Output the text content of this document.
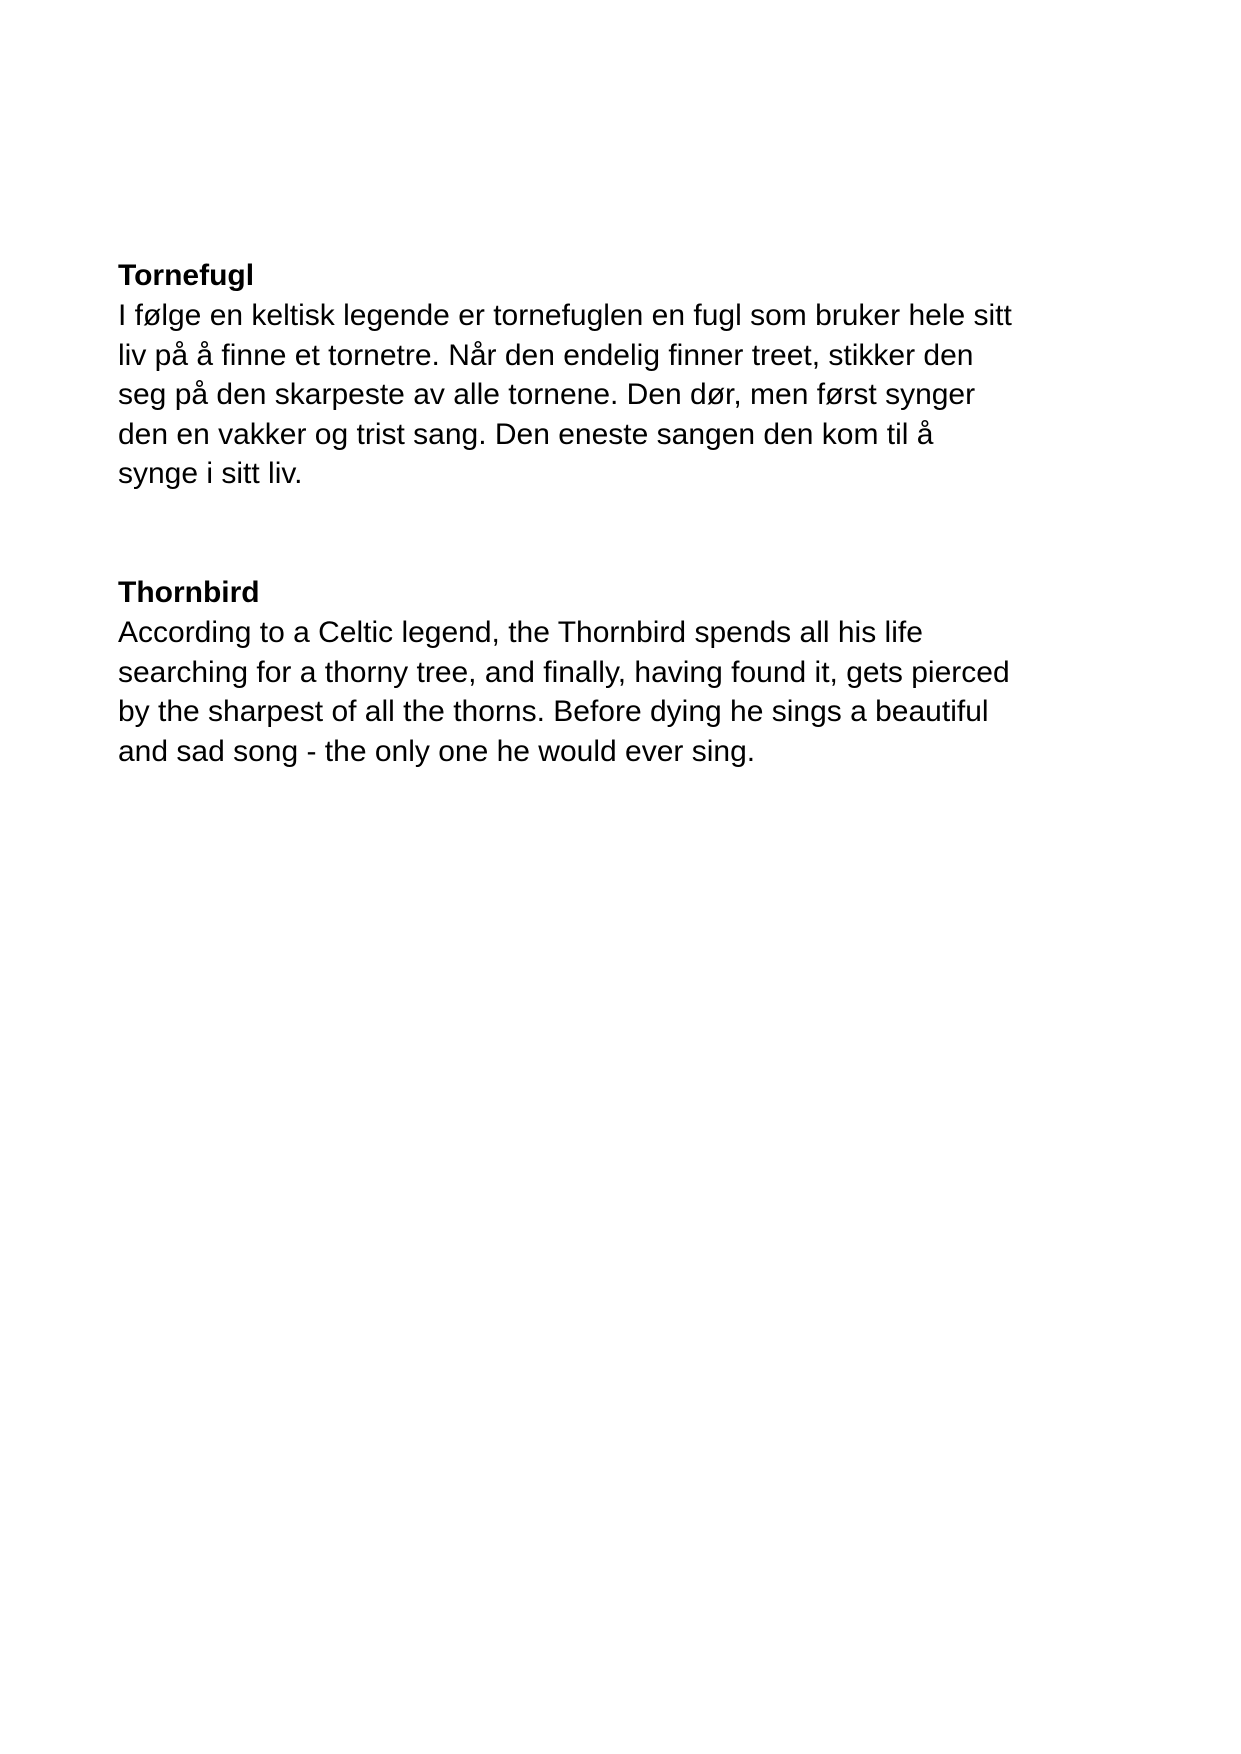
Tornefugl

I følge en keltisk legende er tornefuglen en fugl som bruker hele sitt

liv på å finne et tornetre. Når den endelig finner treet, stikker den

seg på den skarpeste av alle tornene. Den dør, men først synger

den en vakker og trist sang. Den eneste sangen den kom til å

synge i sitt liv.

Thornbird

According to a Celtic legend, the Thornbird spends all his life

searching for a thorny tree, and finally, having found it, gets pierced

by the sharpest of all the thorns. Before dying he sings a beautiful

and sad song - the only one he would ever sing.
